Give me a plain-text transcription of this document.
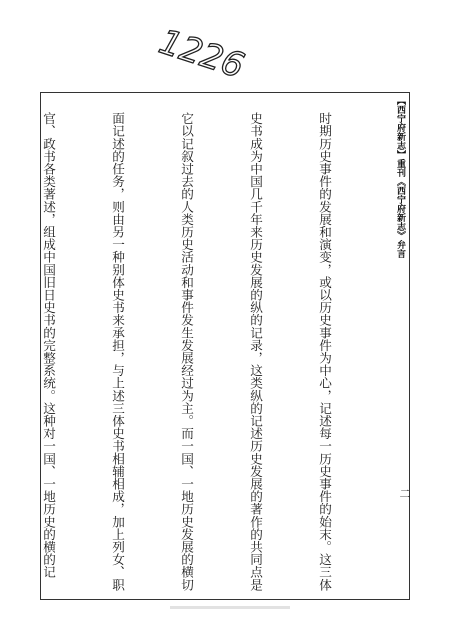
1226
【西宁府新志】重刊《西宁府新志》弁言
二

时期历史事件的发展和演变，或以历史事件为中心，记述每一历史事件的始末。这三体

史书成为中国几千年来历史发展的纵的记录，这类纵的记述历史发展的著作的共同点是

它以记叙过去的人类历史活动和事件发生发展经过为主。而一国、一地历史发展的横切

面记述的任务，则由另一种别体史书来承担，与上述三体史书相辅相成，加上列女、职

官、政书各类著述，组成中国旧日史书的完整系统。这种对一国、一地历史的横的记
